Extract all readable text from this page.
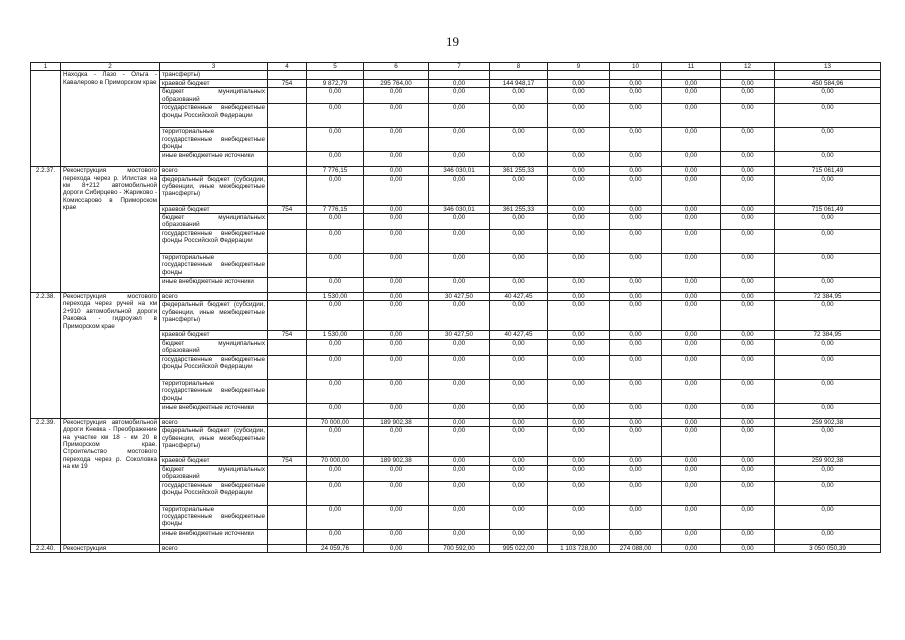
19
1	2	3	4	5	6	7	8	9	10	11	12	13
	Находка - Лазо - Ольга - Кавалерово в Приморском крае	трансферты)										
		краевой бюджет	754	9 872,79	295 764,00	0,00	144 948,17	0,00	0,00	0,00	0,00	450 584,96
		бюджет муниципальных образований		0,00	0,00	0,00	0,00	0,00	0,00	0,00	0,00	0,00
		государственные внебюджетные фонды Российской Федерации		0,00	0,00	0,00	0,00	0,00	0,00	0,00	0,00	0,00
		территориальные государственные внебюджетные фонды		0,00	0,00	0,00	0,00	0,00	0,00	0,00	0,00	0,00
		иные внебюджетные источники		0,00	0,00	0,00	0,00	0,00	0,00	0,00	0,00	0,00
2.2.37.	Реконструкция мостового перехода через р. Илистая на км 8+212 автомобильной дороги Сибирцево - Жариково - Комиссарово в Приморском крае	всего		7 776,15	0,00	346 030,01	361 255,33	0,00	0,00	0,00	0,00	715 061,49
		федеральный бюджет (субсидии, субвенции, иные межбюджетные трансферты)		0,00	0,00	0,00	0,00	0,00	0,00	0,00	0,00	0,00
		краевой бюджет	754	7 776,15	0,00	346 030,01	361 255,33	0,00	0,00	0,00	0,00	715 061,49
		бюджет муниципальных образований		0,00	0,00	0,00	0,00	0,00	0,00	0,00	0,00	0,00
		государственные внебюджетные фонды Российской Федерации		0,00	0,00	0,00	0,00	0,00	0,00	0,00	0,00	0,00
		территориальные государственные внебюджетные фонды		0,00	0,00	0,00	0,00	0,00	0,00	0,00	0,00	0,00
		иные внебюджетные источники		0,00	0,00	0,00	0,00	0,00	0,00	0,00	0,00	0,00
2.2.38.	Реконструкция мостового перехода через ручей на км 2+910 автомобильной дороги Раковка - гидроузел в Приморском крае	всего		1 530,00	0,00	30 427,50	40 427,45	0,00	0,00	0,00	0,00	72 384,95
		федеральный бюджет (субсидии, субвенции, иные межбюджетные трансферты)		0,00	0,00	0,00	0,00	0,00	0,00	0,00	0,00	0,00
		краевой бюджет	754	1 530,00	0,00	30 427,50	40 427,45	0,00	0,00	0,00	0,00	72 384,95
		бюджет муниципальных образований		0,00	0,00	0,00	0,00	0,00	0,00	0,00	0,00	0,00
		государственные внебюджетные фонды Российской Федерации		0,00	0,00	0,00	0,00	0,00	0,00	0,00	0,00	0,00
		территориальные государственные внебюджетные фонды		0,00	0,00	0,00	0,00	0,00	0,00	0,00	0,00	0,00
		иные внебюджетные источники		0,00	0,00	0,00	0,00	0,00	0,00	0,00	0,00	0,00
2.2.39.	Реконструкция автомобильной дороги Кневка - Преображение на участке км 18 - км 20 в Приморском крае. Строительство мостового перехода через р. Соколовка на км 19	всего		70 000,00	189 902,38	0,00	0,00	0,00	0,00	0,00	0,00	259 902,38
		федеральный бюджет (субсидии, субвенции, иные межбюджетные трансферты)		0,00	0,00	0,00	0,00	0,00	0,00	0,00	0,00	0,00
		краевой бюджет	754	70 000,00	189 902,38	0,00	0,00	0,00	0,00	0,00	0,00	259 902,38
		бюджет муниципальных образований		0,00	0,00	0,00	0,00	0,00	0,00	0,00	0,00	0,00
		государственные внебюджетные фонды Российской Федерации		0,00	0,00	0,00	0,00	0,00	0,00	0,00	0,00	0,00
		территориальные государственные внебюджетные фонды		0,00	0,00	0,00	0,00	0,00	0,00	0,00	0,00	0,00
		иные внебюджетные источники		0,00	0,00	0,00	0,00	0,00	0,00	0,00	0,00	0,00
2.2.40.	Реконструкция	всего		24 059,76	0,00	700 592,00	995 022,00	1 103 728,00	274 088,00	0,00	0,00	3 050 050,39
